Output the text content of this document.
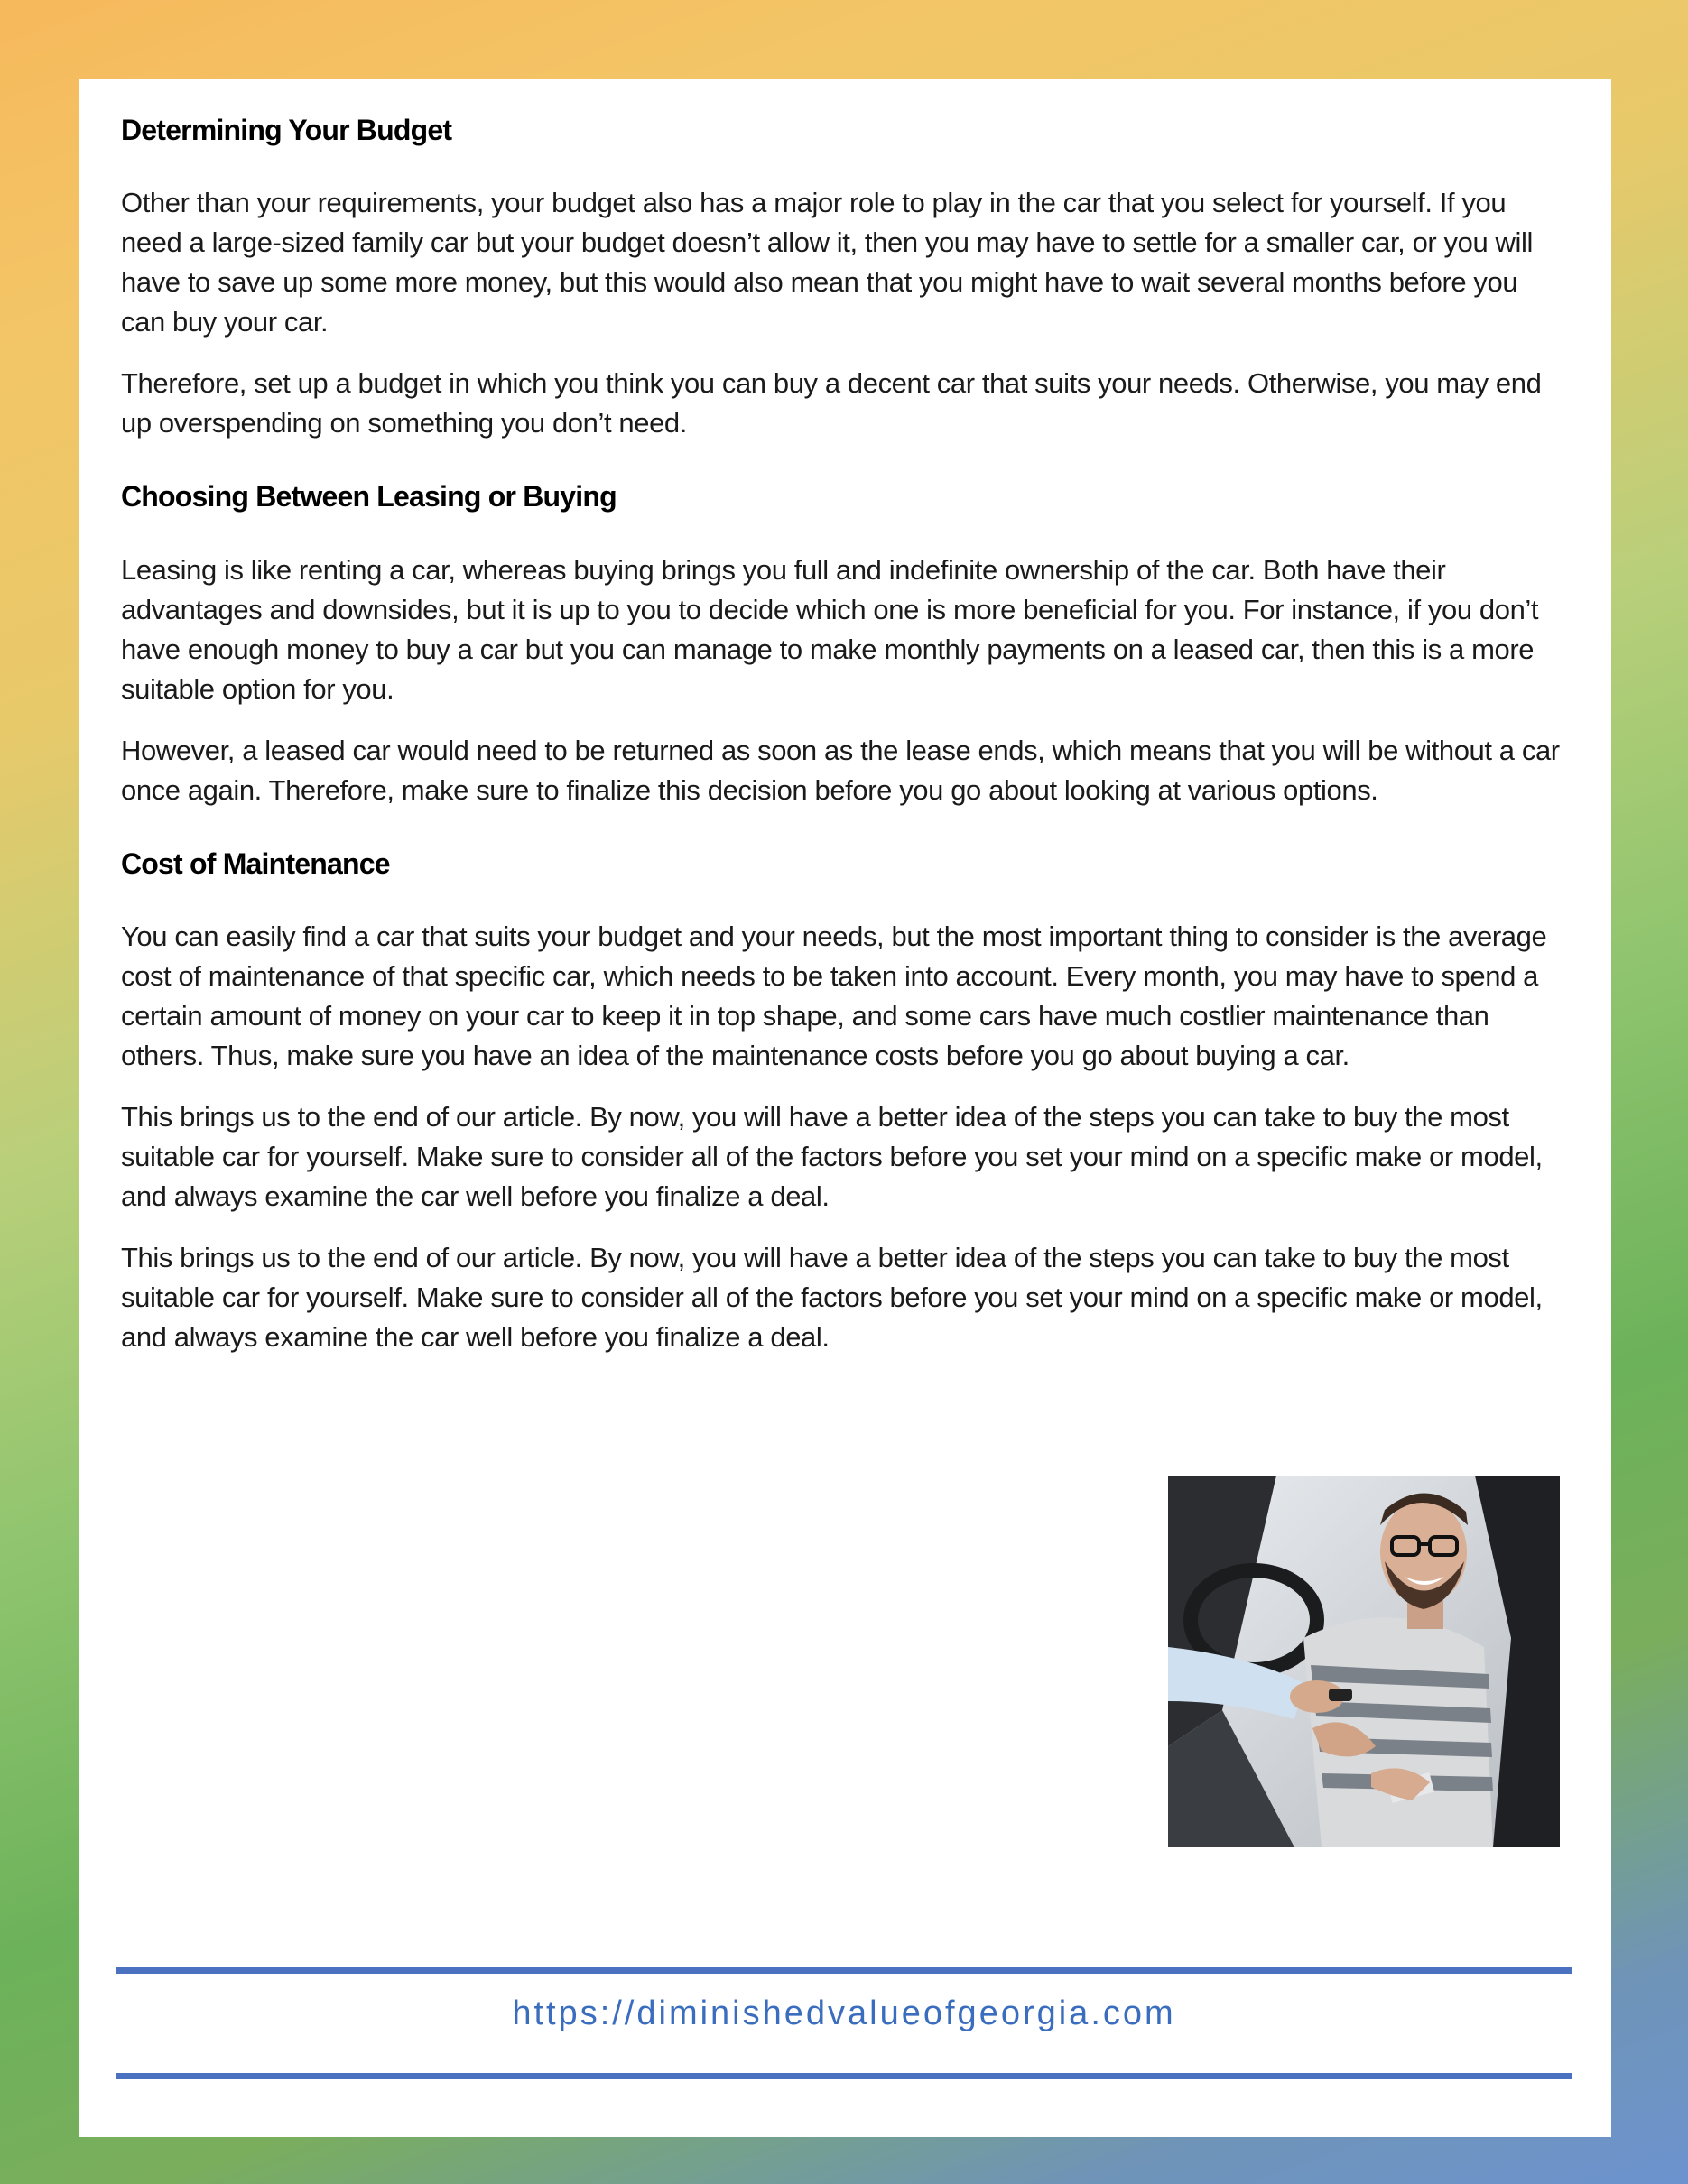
Determining Your Budget

Other than your requirements, your budget also has a major role to play in the car that you select for yourself. If you need a large-sized family car but your budget doesn’t allow it, then you may have to settle for a smaller car, or you will have to save up some more money, but this would also mean that you might have to wait several months before you can buy your car.

Therefore, set up a budget in which you think you can buy a decent car that suits your needs. Otherwise, you may end up overspending on something you don’t need.

Choosing Between Leasing or Buying

Leasing is like renting a car, whereas buying brings you full and indefinite ownership of the car. Both have their advantages and downsides, but it is up to you to decide which one is more beneficial for you. For instance, if you don’t have enough money to buy a car but you can manage to make monthly payments on a leased car, then this is a more suitable option for you.

However, a leased car would need to be returned as soon as the lease ends, which means that you will be without a car once again. Therefore, make sure to finalize this decision before you go about looking at various options.

Cost of Maintenance

You can easily find a car that suits your budget and your needs, but the most important thing to consider is the average cost of maintenance of that specific car, which needs to be taken into account. Every month, you may have to spend a certain amount of money on your car to keep it in top shape, and some cars have much costlier maintenance than others. Thus, make sure you have an idea of the maintenance costs before you go about buying a car.

This brings us to the end of our article. By now, you will have a better idea of the steps you can take to buy the most suitable car for yourself. Make sure to consider all of the factors before you set your mind on a specific make or model, and always examine the car well before you finalize a deal.

This brings us to the end of our article. By now, you will have a better idea of the steps you can take to buy the most suitable car for yourself. Make sure to consider all of the factors before you set your mind on a specific make or model, and always examine the car well before you finalize a deal.

https://diminishedvalueofgeorgia.com
